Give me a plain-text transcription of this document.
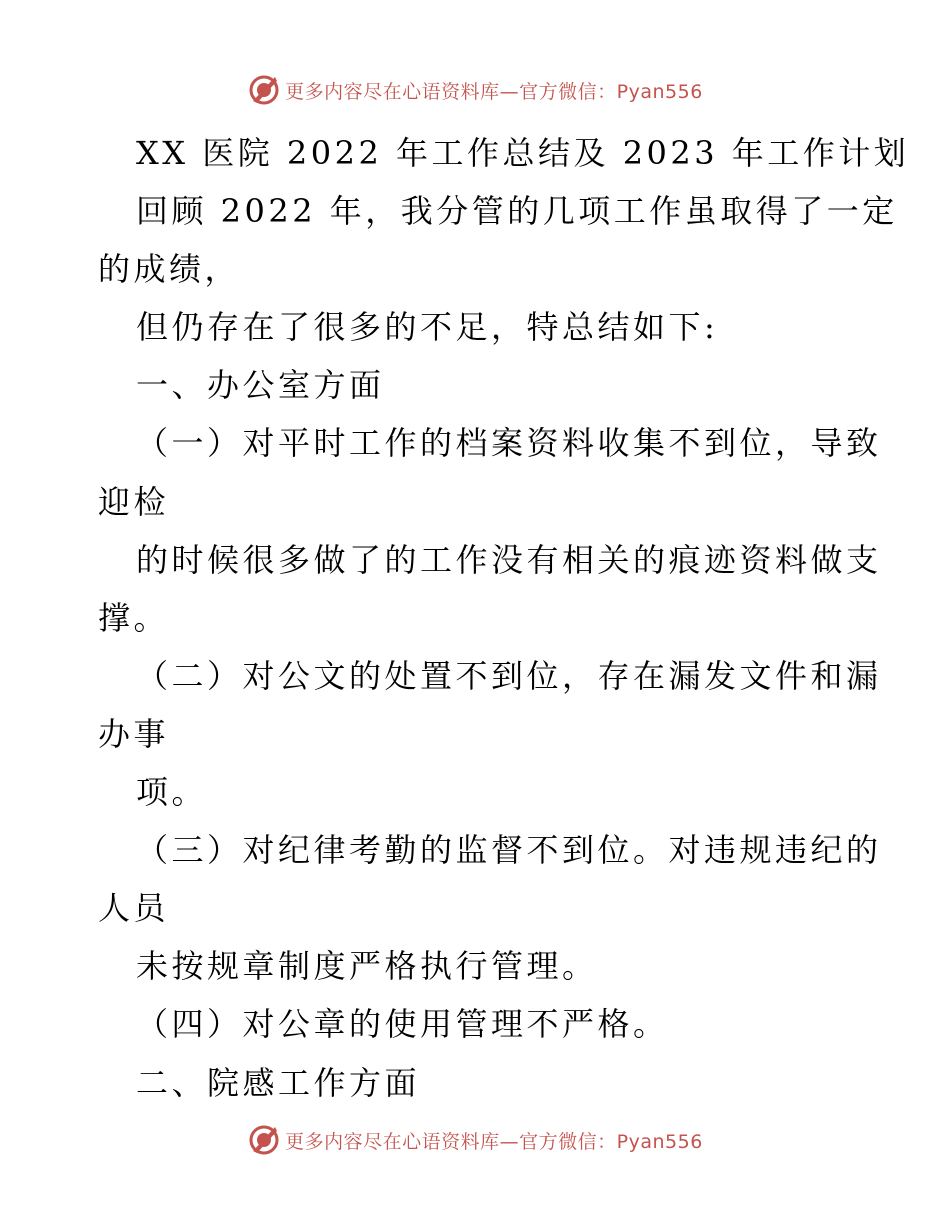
更多内容尽在心语资料库—官方微信：Pyan556
XX 医院 2022 年工作总结及 2023 年工作计划
回顾 2022 年，我分管的几项工作虽取得了一定
的成绩，
但仍存在了很多的不足，特总结如下:
一、办公室方面
（一）对平时工作的档案资料收集不到位，导致
迎检
的时候很多做了的工作没有相关的痕迹资料做支
撑。
（二）对公文的处置不到位，存在漏发文件和漏
办事
项。
（三）对纪律考勤的监督不到位。对违规违纪的
人员
未按规章制度严格执行管理。
（四）对公章的使用管理不严格。
二、院感工作方面
更多内容尽在心语资料库—官方微信：Pyan556
